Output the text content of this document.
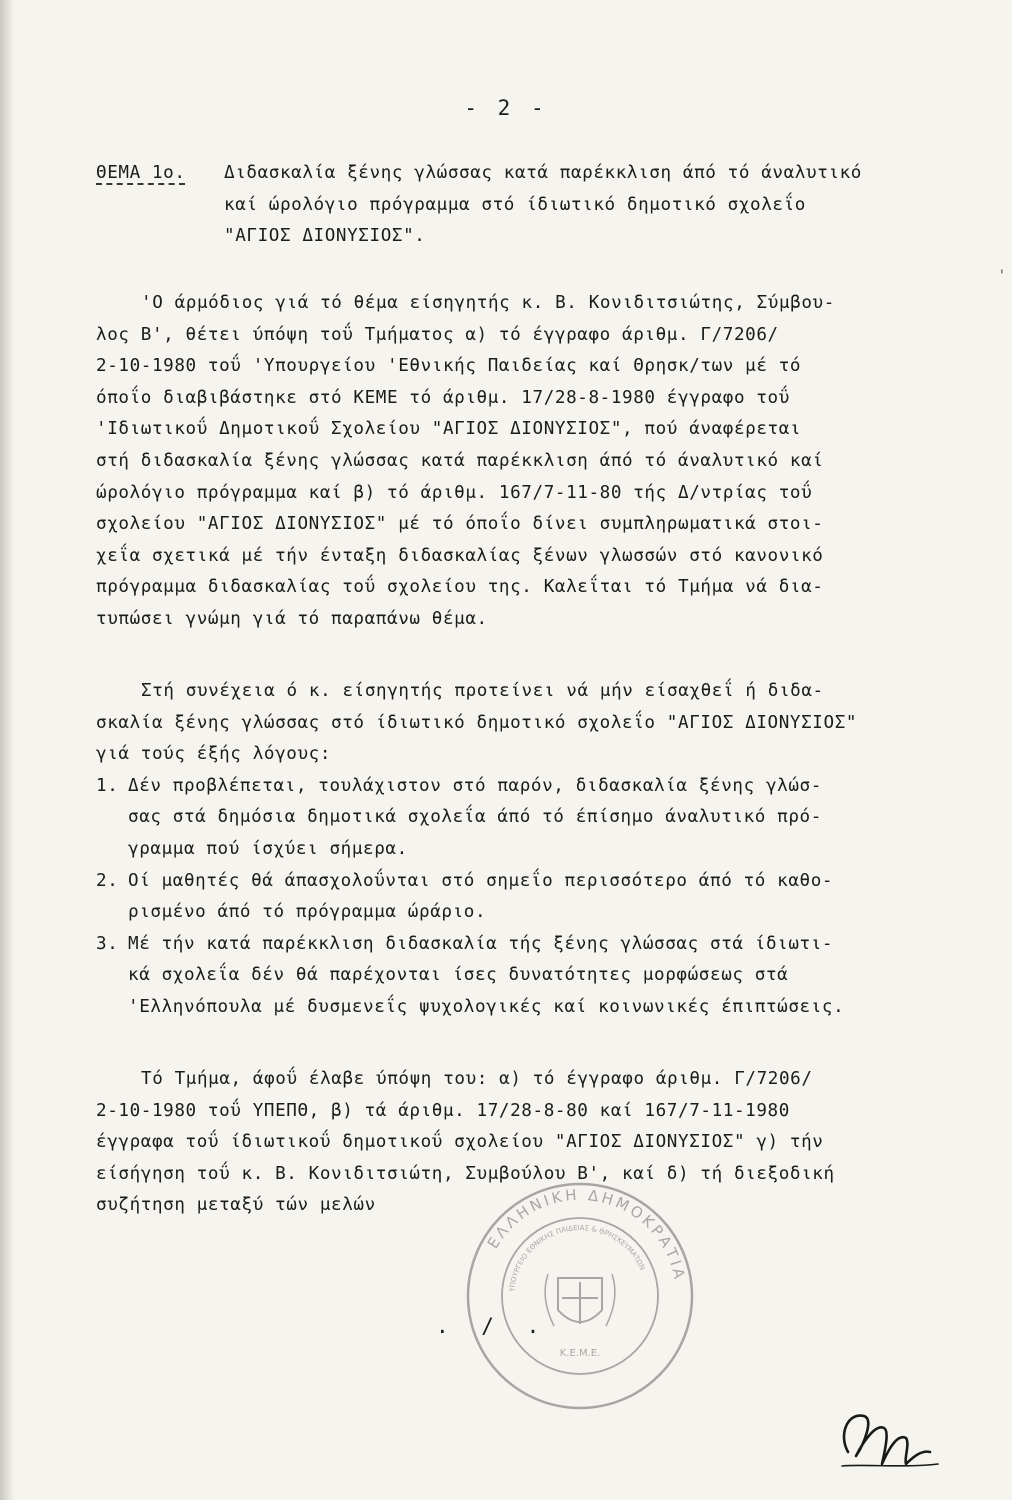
- 2 -
'
ΘΕΜΑ 1ο. Διδασκαλία ξένης γλώσσας κατά παρέκκλιση άπό τό άναλυτικό
καί ώρολόγιο πρόγραμμα στό ίδιωτικό δημοτικό σχολεΐο
"ΑΓΙΟΣ ΔΙΟΝΥΣΙΟΣ".
'Ο άρμόδιος γιά τό θέμα είσηγητής κ. Β. Κονιδιτσιώτης, Σύμβου-
λος Β', θέτει ύπόψη τοΰ Τμήματος α) τό έγγραφο άριθμ. Γ/7206/
2-10-1980 τοΰ 'Υπουργείου 'Εθνικής Παιδείας καί Θρησκ/των μέ τό
όποΐο διαβιβάστηκε στό ΚΕΜΕ τό άριθμ. 17/28-8-1980 έγγραφο τοΰ
'Ιδιωτικοΰ Δημοτικοΰ Σχολείου "ΑΓΙΟΣ ΔΙΟΝΥΣΙΟΣ", πού άναφέρεται
στή διδασκαλία ξένης γλώσσας κατά παρέκκλιση άπό τό άναλυτικό καί
ώρολόγιο πρόγραμμα καί β) τό άριθμ. 167/7-11-80 τής Δ/ντρίας τοΰ
σχολείου "ΑΓΙΟΣ ΔΙΟΝΥΣΙΟΣ" μέ τό όποΐο δίνει συμπληρωματικά στοι-
χεΐα σχετικά μέ τήν ένταξη διδασκαλίας ξένων γλωσσών στό κανονικό
πρόγραμμα διδασκαλίας τοΰ σχολείου της. Καλεΐται τό Τμήμα νά δια-
τυπώσει γνώμη γιά τό παραπάνω θέμα.
Στή συνέχεια ό κ. είσηγητής προτείνει νά μήν είσαχθεΐ ή διδα-
σκαλία ξένης γλώσσας στό ίδιωτικό δημοτικό σχολεΐο "ΑΓΙΟΣ ΔΙΟΝΥΣΙΟΣ"
γιά τούς έξής λόγους:
1. Δέν προβλέπεται, τουλάχιστον στό παρόν, διδασκαλία ξένης γλώσ-
σας στά δημόσια δημοτικά σχολεΐα άπό τό έπίσημο άναλυτικό πρό-
γραμμα πού ίσχύει σήμερα.
2. Οί μαθητές θά άπασχολοΰνται στό σημεΐο περισσότερο άπό τό καθο-
ρισμένο άπό τό πρόγραμμα ώράριο.
3. Μέ τήν κατά παρέκκλιση διδασκαλία τής ξένης γλώσσας στά ίδιωτι-
κά σχολεΐα δέν θά παρέχονται ίσες δυνατότητες μορφώσεως στά
'Ελληνόπουλα μέ δυσμενεΐς ψυχολογικές καί κοινωνικές έπιπτώσεις.
Τό Τμήμα, άφοΰ έλαβε ύπόψη του: α) τό έγγραφο άριθμ. Γ/7206/
2-10-1980 τοΰ ΥΠΕΠΘ, β) τά άριθμ. 17/28-8-80 καί 167/7-11-1980
έγγραφα τοΰ ίδιωτικοΰ δημοτικοΰ σχολείου "ΑΓΙΟΣ ΔΙΟΝΥΣΙΟΣ" γ) τήν
είσήγηση τοΰ κ. Β. Κονιδιτσιώτη, Συμβούλου Β', καί δ) τή διεξοδική
συζήτηση μεταξύ τών μελών
ΕΛΛΗΝΙΚΗ ΔΗΜΟΚΡΑΤΙΑ
ΥΠΟΥΡΓΕΙΟ ΕΘΝΙΚΗΣ ΠΑΙΔΕΙΑΣ & ΘΡΗΣΚΕΥΜΑΤΩΝ
Κ.Ε.Μ.Ε.
. / .
